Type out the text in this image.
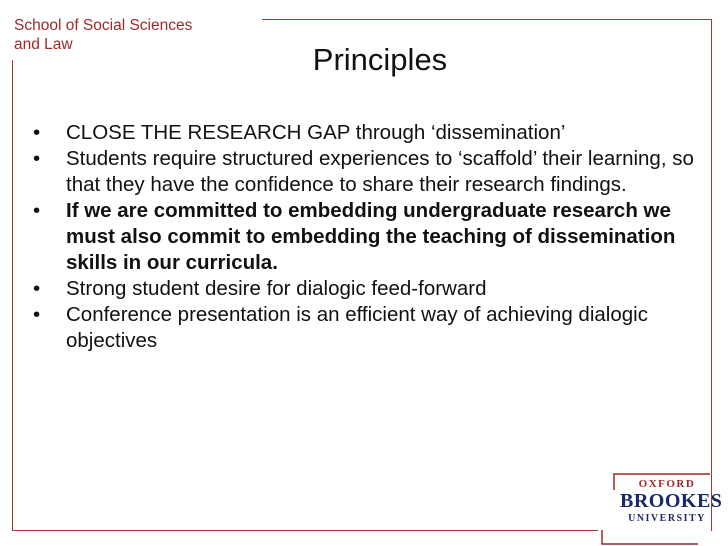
School of Social Sciences
and Law	Principles
• CLOSE THE RESEARCH GAP through ‘dissemination’
• Students require structured experiences to ‘scaffold’ their learning, so that they have the confidence to share their research findings.
• If we are committed to embedding undergraduate research we must also commit to embedding the teaching of dissemination skills in our curricula.
• Strong student desire for dialogic feed-forward
• Conference presentation is an efficient way of achieving dialogic objectives
OXFORD
BROOKES
UNIVERSITY
